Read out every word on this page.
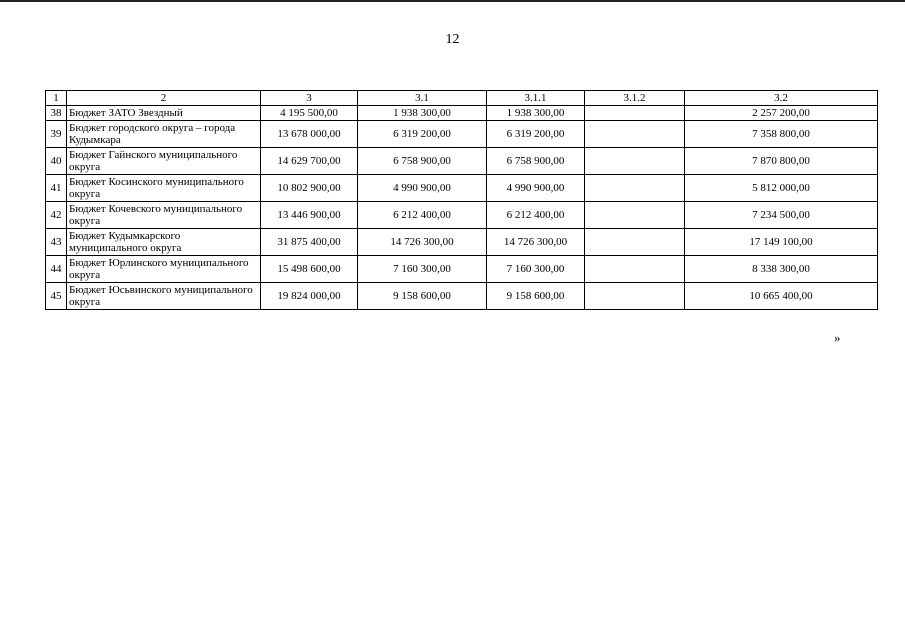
12
1	2	3	3.1	3.1.1	3.1.2	3.2
38	Бюджет ЗАТО Звездный	4 195 500,00	1 938 300,00	1 938 300,00		2 257 200,00
39	Бюджет городского округа – города Кудымкара	13 678 000,00	6 319 200,00	6 319 200,00		7 358 800,00
40	Бюджет Гайнского муниципального округа	14 629 700,00	6 758 900,00	6 758 900,00		7 870 800,00
41	Бюджет Косинского муниципального округа	10 802 900,00	4 990 900,00	4 990 900,00		5 812 000,00
42	Бюджет Кочевского муниципального округа	13 446 900,00	6 212 400,00	6 212 400,00		7 234 500,00
43	Бюджет Кудымкарского муниципального округа	31 875 400,00	14 726 300,00	14 726 300,00		17 149 100,00
44	Бюджет Юрлинского муниципального округа	15 498 600,00	7 160 300,00	7 160 300,00		8 338 300,00
45	Бюджет Юсьвинского муниципального округа	19 824 000,00	9 158 600,00	9 158 600,00		10 665 400,00
»
